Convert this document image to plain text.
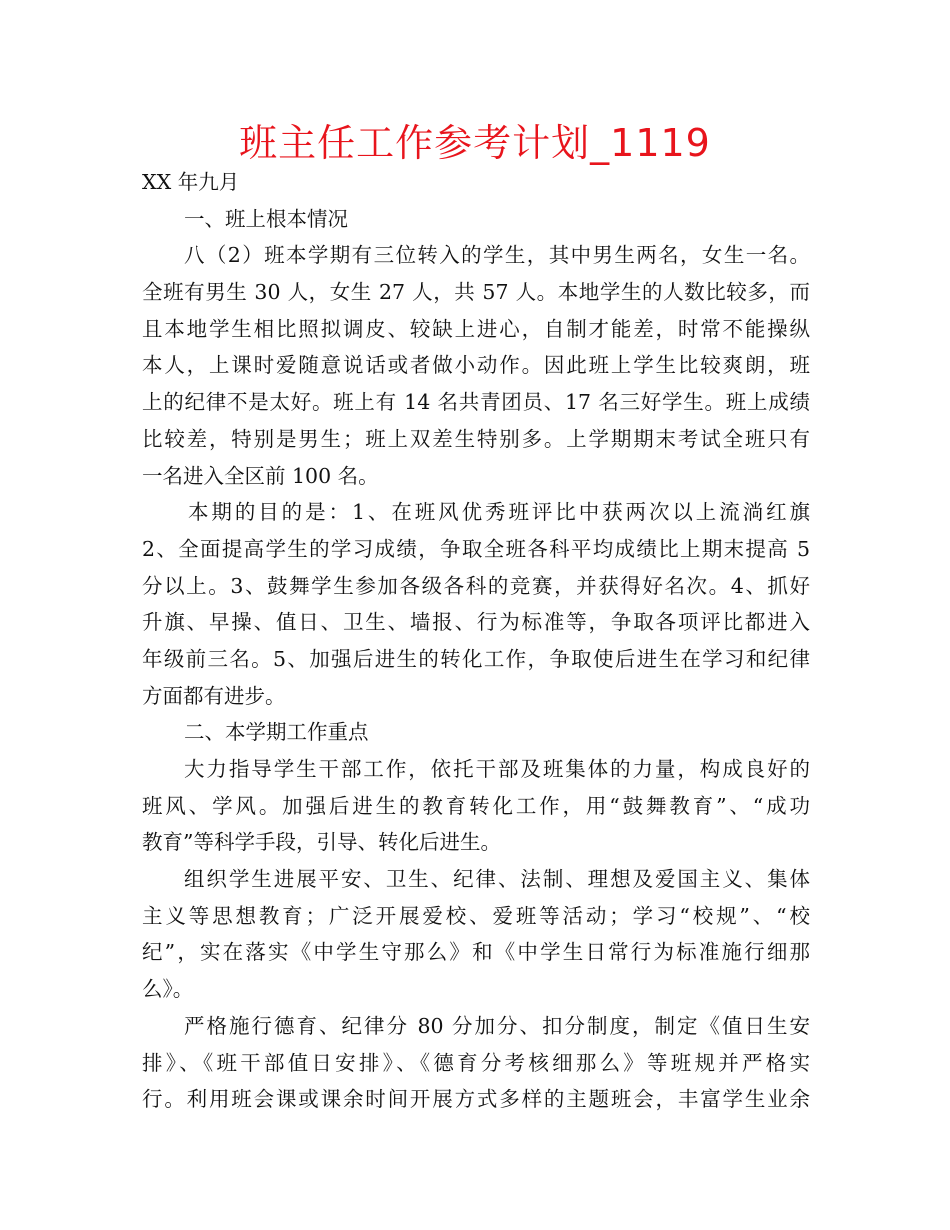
班主任工作参考计划_1119
XX 年九月
一、班上根本情况
八（2）班本学期有三位转入的学生，其中男生两名，女生一名。
全班有男生 30 人，女生 27 人，共 57 人。本地学生的人数比较多，而
且本地学生相比照拟调皮、较缺上进心，自制才能差，时常不能操纵
本人，上课时爱随意说话或者做小动作。因此班上学生比较爽朗，班
上的纪律不是太好。班上有 14 名共青团员、17 名三好学生。班上成绩
比较差，特别是男生；班上双差生特别多。上学期期末考试全班只有
一名进入全区前 100 名。
本期的目的是：1、在班风优秀班评比中获两次以上流淌红旗
2、全面提高学生的学习成绩，争取全班各科平均成绩比上期末提高 5
分以上。3、鼓舞学生参加各级各科的竞赛，并获得好名次。4、抓好
升旗、早操、值日、卫生、墙报、行为标准等，争取各项评比都进入
年级前三名。5、加强后进生的转化工作，争取使后进生在学习和纪律
方面都有进步。
二、本学期工作重点
大力指导学生干部工作，依托干部及班集体的力量，构成良好的
班风、学风。加强后进生的教育转化工作，用“鼓舞教育”、“成功
教育”等科学手段，引导、转化后进生。
组织学生进展平安、卫生、纪律、法制、理想及爱国主义、集体
主义等思想教育；广泛开展爱校、爱班等活动；学习“校规”、“校
纪”，实在落实《中学生守那么》和《中学生日常行为标准施行细那
么》。
严格施行德育、纪律分 80 分加分、扣分制度，制定《值日生安
排》、《班干部值日安排》、《德育分考核细那么》等班规并严格实
行。利用班会课或课余时间开展方式多样的主题班会，丰富学生业余
